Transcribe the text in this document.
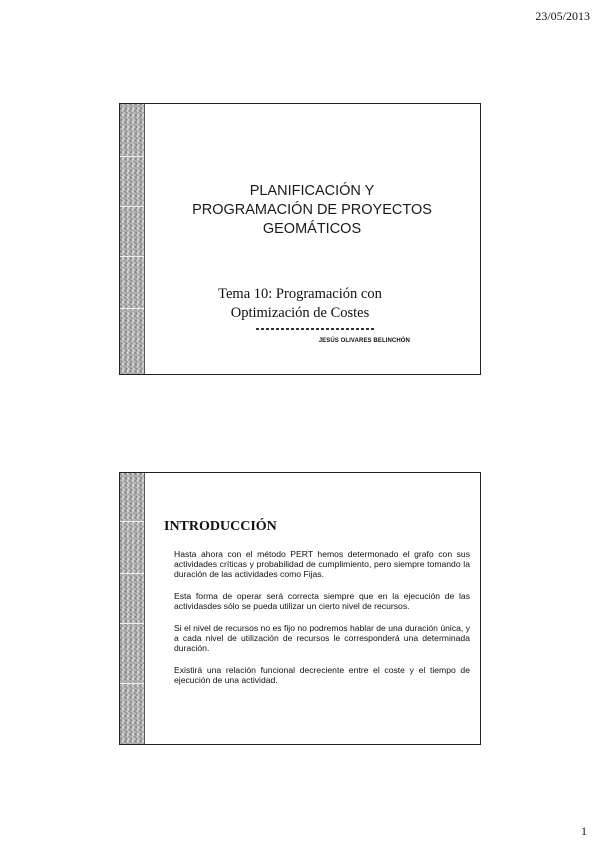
23/05/2013
PLANIFICACIÓN Y
PROGRAMACIÓN DE PROYECTOS
GEOMÁTICOS
Tema 10: Programación con
Optimización de Costes
JESÚS OLIVARES BELINCHÓN
INTRODUCCIÓN

Hasta ahora con el método PERT hemos determonado el grafo con sus actividades críticas y probabilidad de cumplimiento, pero siempre tomando la duración de las actividades como Fijas.

Esta forma de operar será correcta siempre que en la ejecución de las actividasdes sólo se pueda utilizar un cierto nivel de recursos.

Si el nivel de recursos no es fijo no podremos hablar de una duración única, y a cada nivel de utilización de recursos le corresponderá una determinada duración.

Existirá una relación funcional decreciente entre el coste y el tiempo de ejecución de una actividad.

1
